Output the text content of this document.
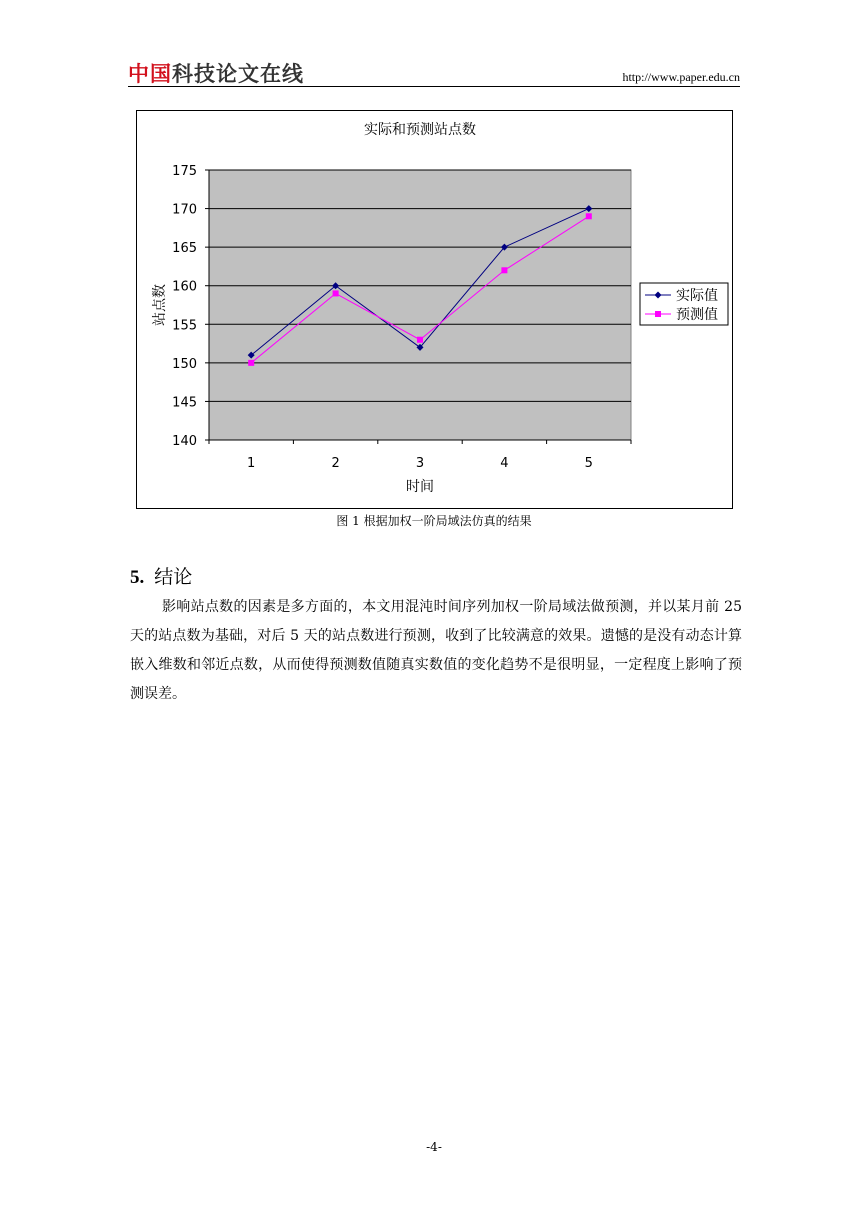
中国科技论文在线	http://www.paper.edu.cn
实际和预测站点数
140
145
150
155
160
165
170
175
1	2	3	4	5
时间
站点数	实际值
预测值
图 1 根据加权一阶局域法仿真的结果
5. 结论
影响站点数的因素是多方面的，本文用混沌时间序列加权一阶局域法做预测，并以某月前 25 天的站点数为基础，对后 5 天的站点数进行预测，收到了比较满意的效果。遗憾的是没有动态计算嵌入维数和邻近点数，从而使得预测数值随真实数值的变化趋势不是很明显，一定程度上影响了预测误差。
-4-
